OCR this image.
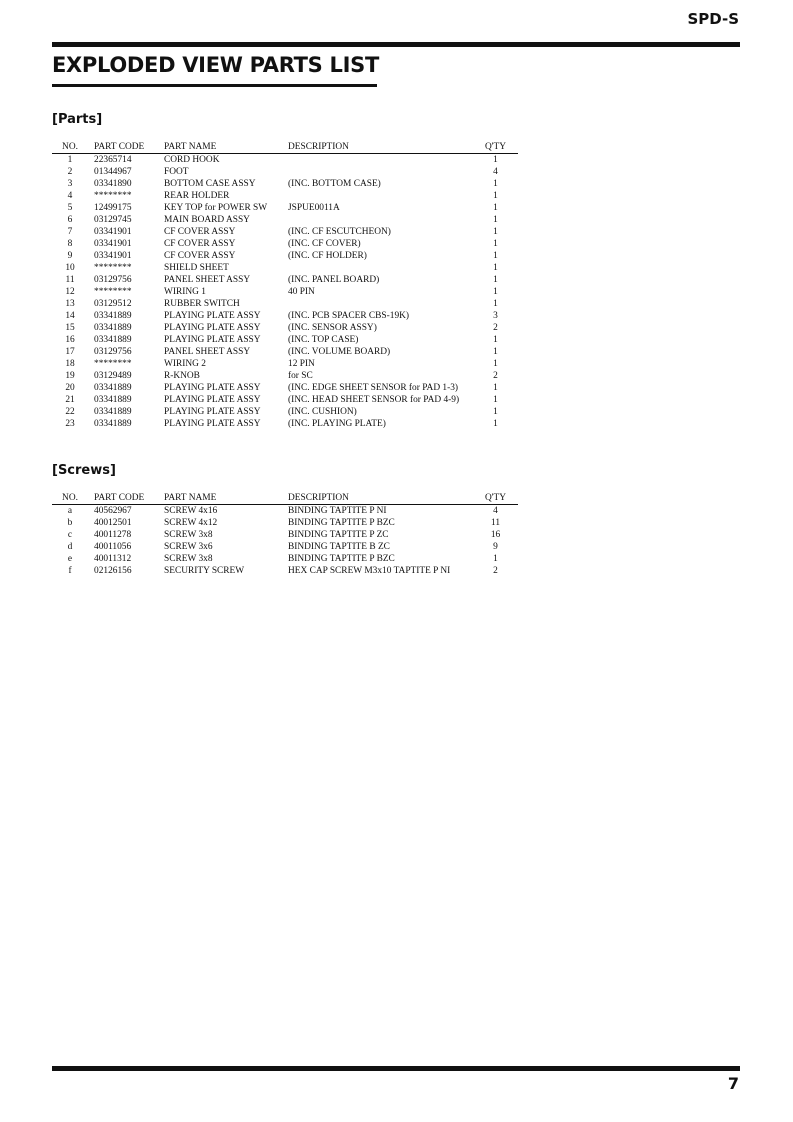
SPD-S
EXPLODED VIEW PARTS LIST
[Parts]
NO.	PART CODE	PART NAME	DESCRIPTION	Q'TY
1	22365714	CORD HOOK		1
2	01344967	FOOT		4
3	03341890	BOTTOM CASE ASSY	(INC. BOTTOM CASE)	1
4	********	REAR HOLDER		1
5	12499175	KEY TOP for POWER SW	JSPUE0011A	1
6	03129745	MAIN BOARD ASSY		1
7	03341901	CF COVER ASSY	(INC. CF ESCUTCHEON)	1
8	03341901	CF COVER ASSY	(INC. CF COVER)	1
9	03341901	CF COVER ASSY	(INC. CF HOLDER)	1
10	********	SHIELD SHEET		1
11	03129756	PANEL SHEET ASSY	(INC. PANEL BOARD)	1
12	********	WIRING 1	40 PIN	1
13	03129512	RUBBER SWITCH		1
14	03341889	PLAYING PLATE ASSY	(INC. PCB SPACER CBS-19K)	3
15	03341889	PLAYING PLATE ASSY	(INC. SENSOR ASSY)	2
16	03341889	PLAYING PLATE ASSY	(INC. TOP CASE)	1
17	03129756	PANEL SHEET ASSY	(INC. VOLUME BOARD)	1
18	********	WIRING 2	12 PIN	1
19	03129489	R-KNOB	for SC	2
20	03341889	PLAYING PLATE ASSY	(INC. EDGE SHEET SENSOR for PAD 1-3)	1
21	03341889	PLAYING PLATE ASSY	(INC. HEAD SHEET SENSOR for PAD 4-9)	1
22	03341889	PLAYING PLATE ASSY	(INC. CUSHION)	1
23	03341889	PLAYING PLATE ASSY	(INC. PLAYING PLATE)	1
[Screws]
NO.	PART CODE	PART NAME	DESCRIPTION	Q'TY
a	40562967	SCREW 4x16	BINDING TAPTITE P NI	4
b	40012501	SCREW 4x12	BINDING TAPTITE P BZC	11
c	40011278	SCREW 3x8	BINDING TAPTITE P ZC	16
d	40011056	SCREW 3x6	BINDING TAPTITE B ZC	9
e	40011312	SCREW 3x8	BINDING TAPTITE P BZC	1
f	02126156	SECURITY SCREW	HEX CAP SCREW M3x10 TAPTITE P NI	2
7
